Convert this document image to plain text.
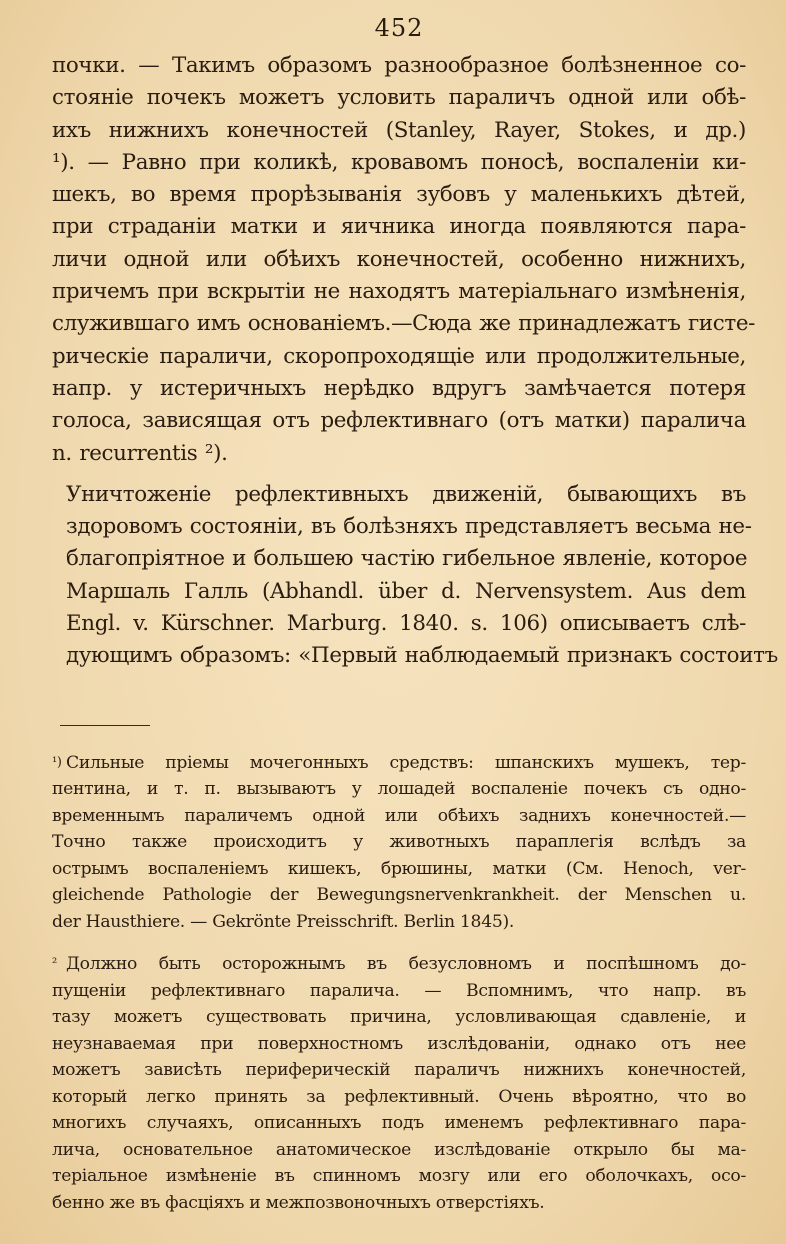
452

почки. — Такимъ образомъ разнообразное болѣзненное со-
стояніе почекъ можетъ условить параличъ одной или обѣ-
ихъ нижнихъ конечностей (Stanley, Rayer, Stokes, и др.)
¹). — Равно при коликѣ, кровавомъ поносѣ, воспаленіи ки-
шекъ, во время прорѣзыванія зубовъ у маленькихъ дѣтей,
при страданіи матки и яичника иногда появляются пара-
личи одной или обѣихъ конечностей, особенно нижнихъ,
причемъ при вскрытіи не находятъ матеріальнаго измѣненія,
служившаго имъ основаніемъ.—Сюда же принадлежатъ гисте-
рическіе параличи, скоропроходящіе или продолжительные,
напр. у истеричныхъ нерѣдко вдругъ замѣчается потеря
голоса, зависящая отъ рефлективнаго (отъ матки) паралича
n. recurrentis ²).

Уничтоженіе рефлективныхъ движеній, бывающихъ въ
здоровомъ состояніи, въ болѣзняхъ представляетъ весьма не-
благопріятное и большею частію гибельное явленіе, которое
Маршаль Галль (Abhandl. über d. Nervensystem. Aus dem
Engl. v. Kürschner. Marburg. 1840. s. 106) описываетъ слѣ-
дующимъ образомъ: «Первый наблюдаемый признакъ состоитъ

¹) Сильные пріемы мочегонныхъ средствъ: шпанскихъ мушекъ, тер-
пентина, и т. п. вызываютъ у лошадей воспаленіе почекъ съ одно-
временнымъ параличемъ одной или обѣихъ заднихъ конечностей.—
Точно также происходитъ у животныхъ параплегія вслѣдъ за
острымъ воспаленіемъ кишекъ, брюшины, матки (См. Henoch, ver-
gleichende Pathologie der Bewegungsnervenkrankheit. der Menschen u.
der Hausthiere. — Gekrönte Preisschrift. Berlin 1845).
² Должно быть осторожнымъ въ безусловномъ и поспѣшномъ до-
пущеніи рефлективнаго паралича. — Вспомнимъ, что напр. въ
тазу можетъ существовать причина, условливающая сдавленіе, и
неузнаваемая при поверхностномъ изслѣдованіи, однако отъ нее
можетъ зависѣть периферическій параличъ нижнихъ конечностей,
который легко принять за рефлективный. Очень вѣроятно, что во
многихъ случаяхъ, описанныхъ подъ именемъ рефлективнаго пара-
лича, основательное анатомическое изслѣдованіе открыло бы ма-
теріальное измѣненіе въ спинномъ мозгу или его оболочкахъ, осо-
бенно же въ фасціяхъ и межпозвоночныхъ отверстіяхъ.
